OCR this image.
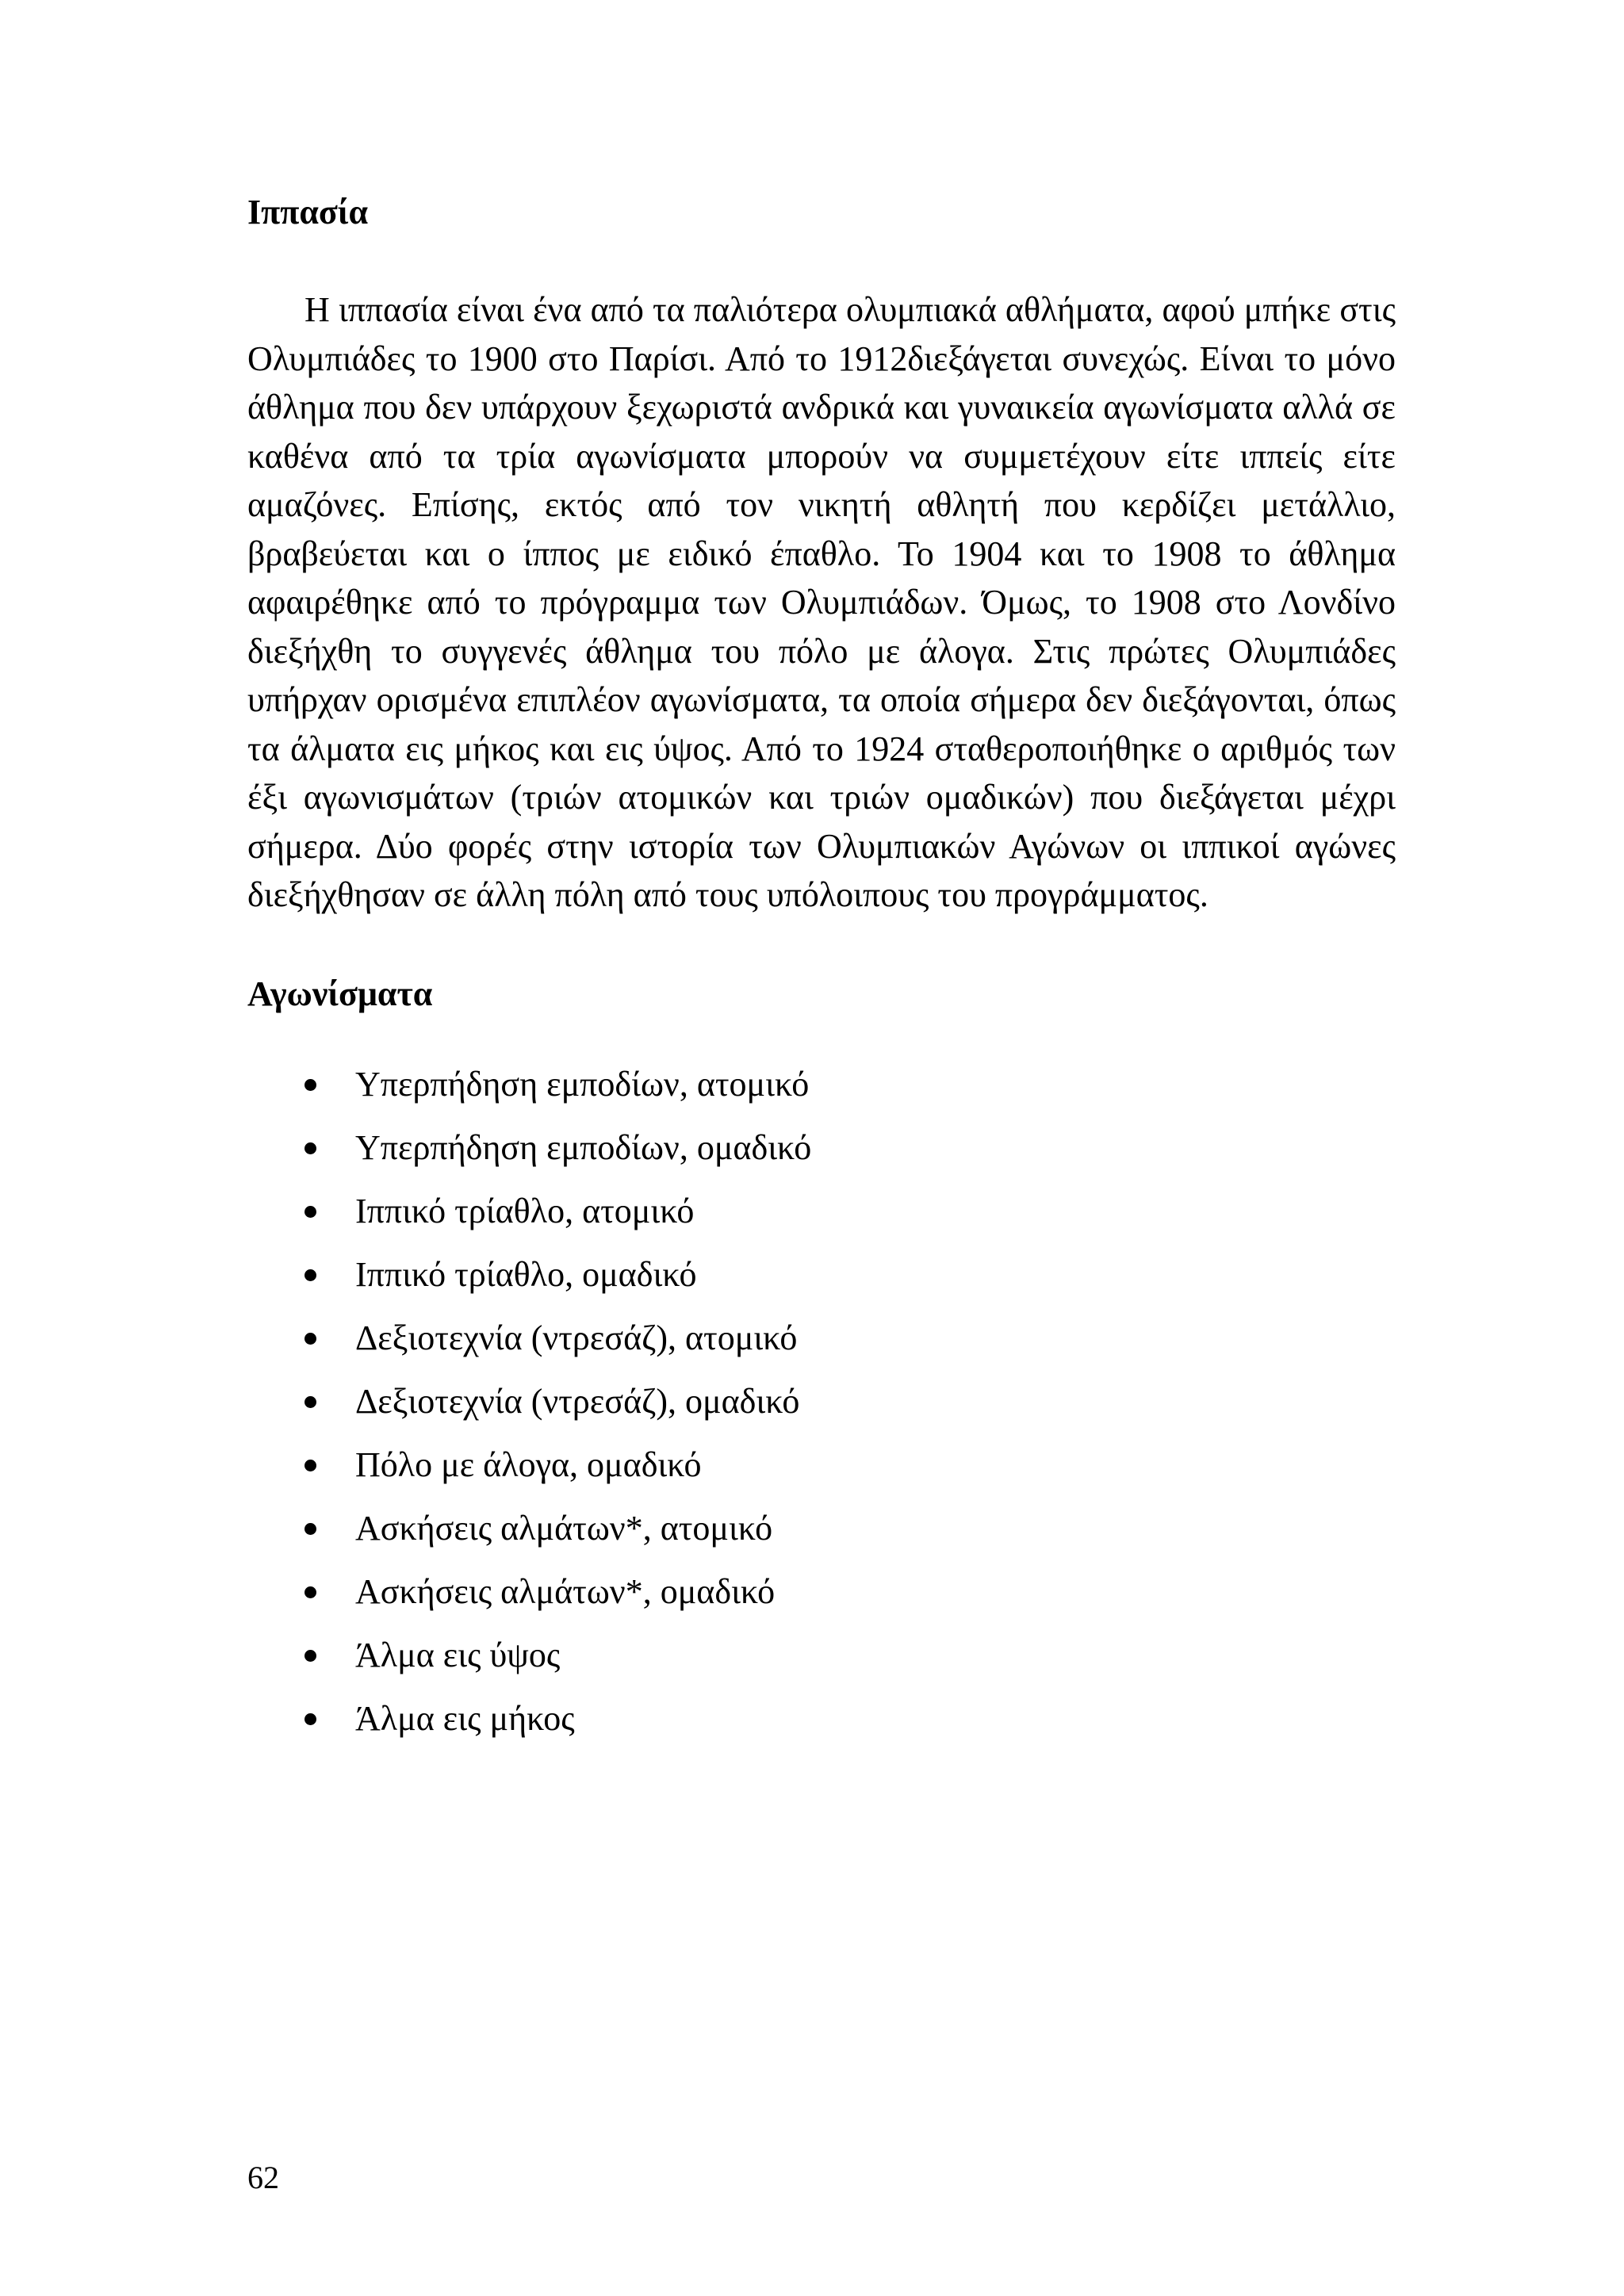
Ιππασία

Η ιππασία είναι ένα από τα παλιότερα ολυμπιακά αθλήματα, αφού μπήκε στις Ολυμπιάδες το 1900 στο Παρίσι. Από το 1912διεξάγεται συνεχώς. Είναι το μόνο άθλημα που δεν υπάρχουν ξεχωριστά ανδρικά και γυναικεία αγωνίσματα αλλά σε καθένα από τα τρία αγωνίσματα μπορούν να συμμετέχουν είτε ιππείς είτε αμαζόνες. Επίσης, εκτός από τον νικητή αθλητή που κερδίζει μετάλλιο, βραβεύεται και ο ίππος με ειδικό έπαθλο. Το 1904 και το 1908 το άθλημα αφαιρέθηκε από το πρόγραμμα των Ολυμπιάδων. Όμως, το 1908 στο Λονδίνο διεξήχθη το συγγενές άθλημα του πόλο με άλογα. Στις πρώτες Ολυμπιάδες υπήρχαν ορισμένα επιπλέον αγωνίσματα, τα οποία σήμερα δεν διεξάγονται, όπως τα άλματα εις μήκος και εις ύψος. Από το 1924 σταθεροποιήθηκε ο αριθμός των έξι αγωνισμάτων (τριών ατομικών και τριών ομαδικών) που διεξάγεται μέχρι σήμερα. Δύο φορές στην ιστορία των Ολυμπιακών Αγώνων οι ιππικοί αγώνες διεξήχθησαν σε άλλη πόλη από τους υπόλοιπους του προγράμματος.

Αγωνίσματα
Υπερπήδηση εμποδίων, ατομικό
Υπερπήδηση εμποδίων, ομαδικό
Ιππικό τρίαθλο, ατομικό
Ιππικό τρίαθλο, ομαδικό
Δεξιοτεχνία (ντρεσάζ), ατομικό
Δεξιοτεχνία (ντρεσάζ), ομαδικό
Πόλο με άλογα, ομαδικό
Ασκήσεις αλμάτων*, ατομικό
Ασκήσεις αλμάτων*, ομαδικό
Άλμα εις ύψος
Άλμα εις μήκος
62
